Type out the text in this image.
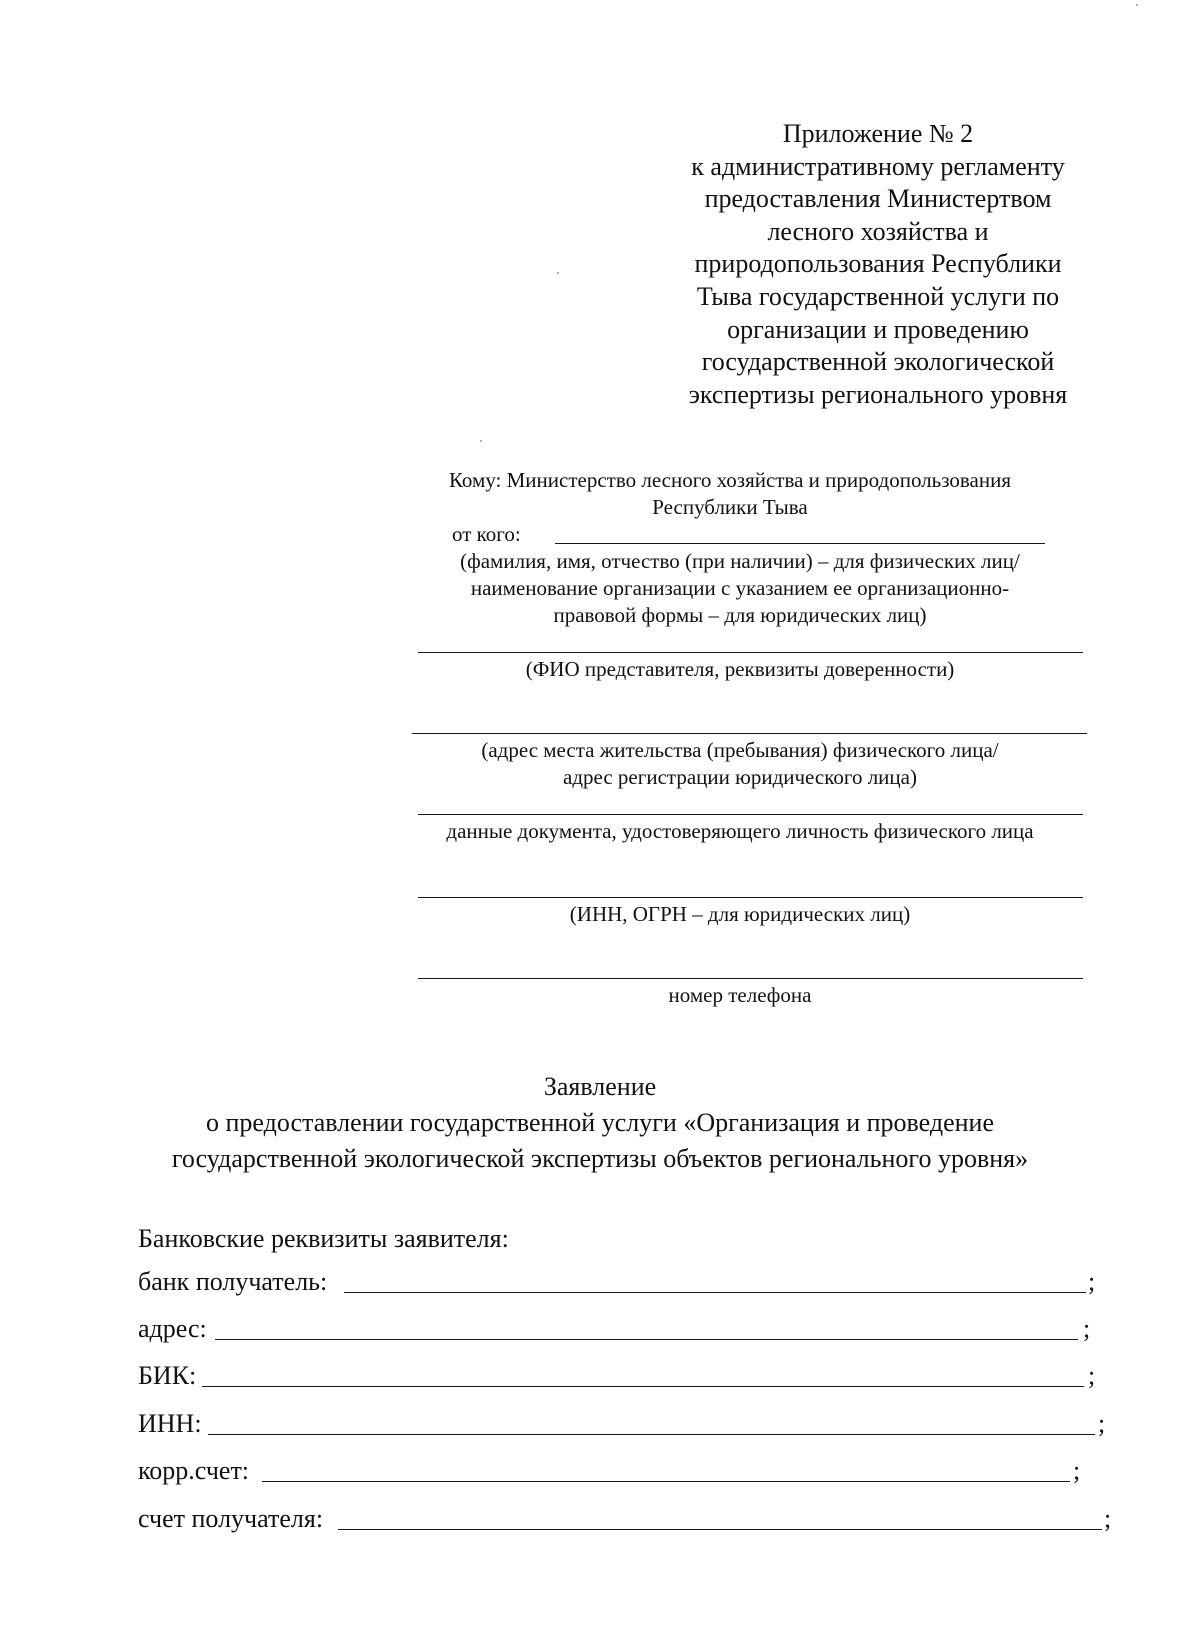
Приложение № 2
к административному регламенту
предоставления Министертвом
лесного хозяйства и
природопользования Республики
Тыва государственной услуги по
организации и проведению
государственной экологической
экспертизы регионального уровня
Кому: Министерство лесного хозяйства и природопользования
Республики Тыва
от кого:
(фамилия, имя, отчество (при наличии) – для физических лиц/
наименование организации с указанием ее организационно-
правовой формы – для юридических лиц)
(ФИО представителя, реквизиты доверенности)
(адрес места жительства (пребывания) физического лица/
адрес регистрации юридического лица)
данные документа, удостоверяющего личность физического лица
(ИНН, ОГРН – для юридических лиц)
номер телефона
Заявление
о предоставлении государственной услуги «Организация и проведение
государственной экологической экспертизы объектов регионального уровня»
Банковские реквизиты заявителя:
банк получатель:	;
адрес:	;
БИК:	;
ИНН:	;
корр.счет:	;
счет получателя:	;
